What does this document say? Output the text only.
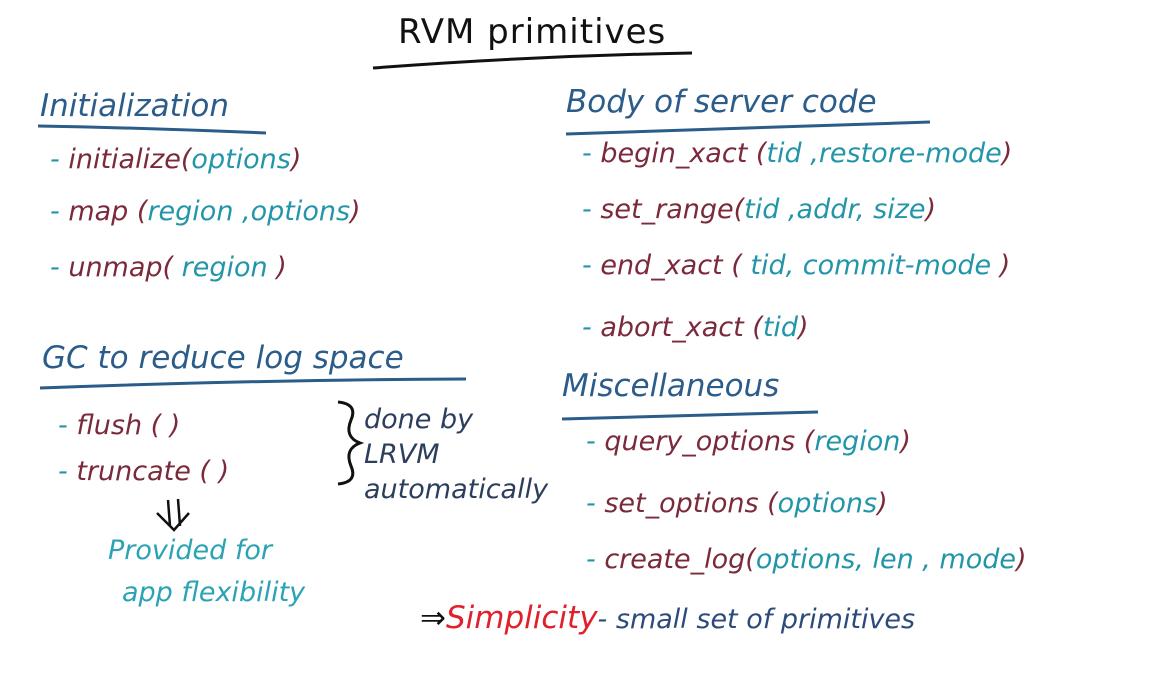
RVM primitives
Initialization
- initialize(options)
- map (region ,options)
- unmap( region )
GC to reduce log space
- flush ( )
- truncate ( )
done by
LRVM
automatically
Provided for
app flexibility
Body of server code
- begin_xact (tid ,restore-mode)
- set_range(tid ,addr, size)
- end_xact ( tid, commit-mode )
- abort_xact (tid)
Miscellaneous
- query_options (region)
- set_options (options)
- create_log(options, len , mode)
⇒Simplicity- small set of primitives
